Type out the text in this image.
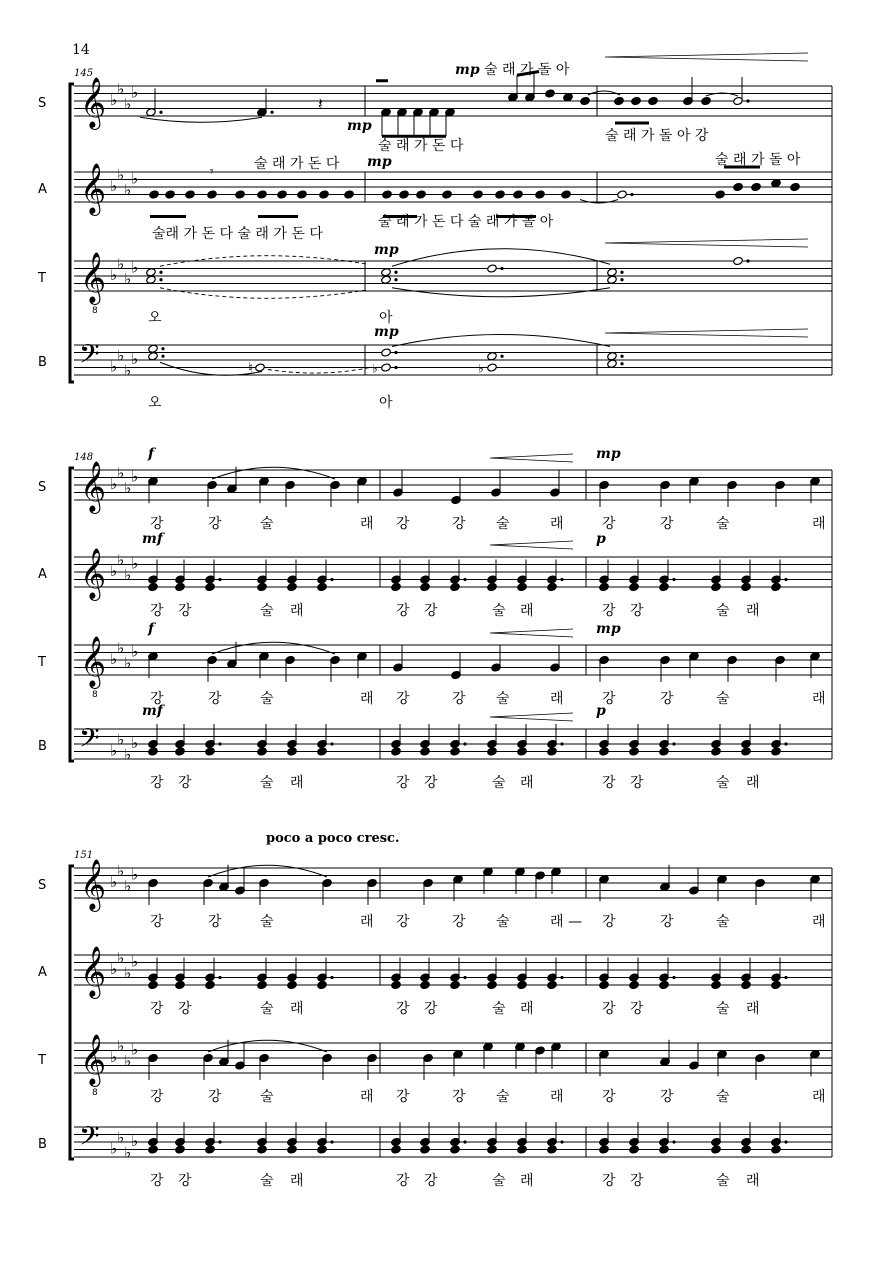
14
145
S 𝄞 ♭
♭
♭
♭
A 𝄞 ♭
♭
♭
♭
T 𝄞
8
♭
♭
♭
♭
B 𝄢 ♭
♭
♭
♭
𝄽
mp
mp 술 래 가 돌 아
술 래 가 돈 다
술 래 가 돌 아 강
𝄾
mp
술 래 가 돈 다	술 래 가 돌 아
술래 가 돈 다 술 래 가 돈 다
술 래 가 돈 다 술 래 가 돌 아
mp
오	아
♮	♭	♭
mp
오	아
148
S 𝄞 ♭
♭
♭
♭
A 𝄞 ♭
♭
♭
♭
T 𝄞
8
♭
♭
♭
♭
B 𝄢 ♭
♭
♭
♭
강	강	술	래 강	강 술	래	강	강	술	래
강	강	술	래 강	강 술	래	강	강	술	래
강 강	술 래	강 강	술 래	강 강	술 래
강 강	술 래	강 강	술 래	강 강	술 래
f	mp
mf	p
f	mp
mf	p
151
S 𝄞 ♭
♭
♭
♭
A 𝄞 ♭
♭
♭
♭
T 𝄞
8
♭
♭
♭
♭
B 𝄢 ♭
♭
♭
♭
강	강	술	래 강	강 술	래 — 강	강	술	래
강	강	술	래 강	강 술	래	강	강	술	래
강 강	술 래	강 강	술 래	강 강	술 래
강 강	술 래	강 강	술 래	강 강	술 래
poco a poco cresc.
